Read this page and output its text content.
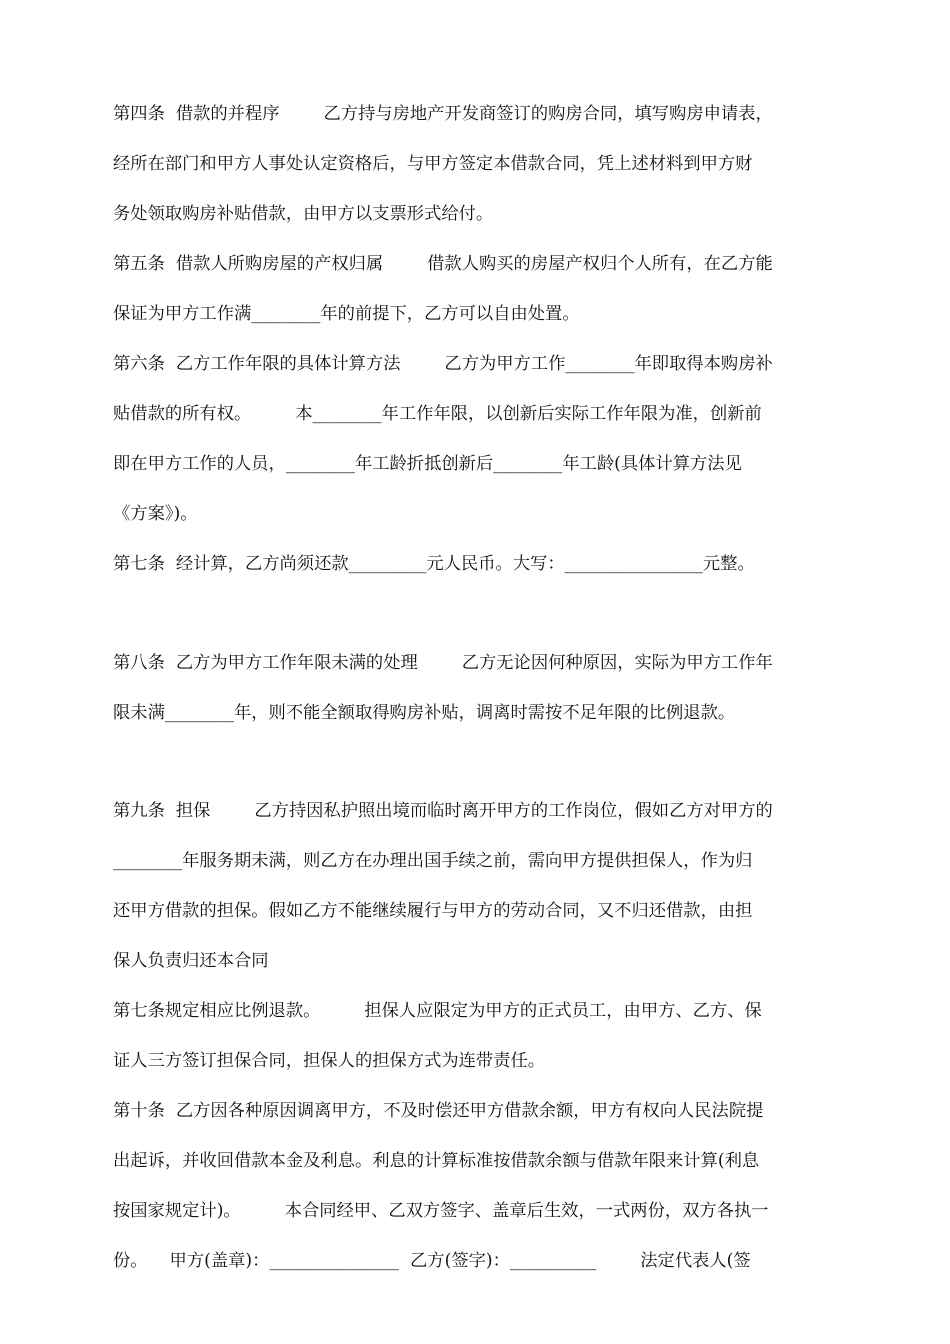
第四条  借款的并程序        乙方持与房地产开发商签订的购房合同，填写购房申请表，
经所在部门和甲方人事处认定资格后，与甲方签定本借款合同，凭上述材料到甲方财
务处领取购房补贴借款，由甲方以支票形式给付。
第五条  借款人所购房屋的产权归属        借款人购买的房屋产权归个人所有，在乙方能
保证为甲方工作满________年的前提下，乙方可以自由处置。
第六条  乙方工作年限的具体计算方法        乙方为甲方工作________年即取得本购房补
贴借款的所有权。        本________年工作年限，以创新后实际工作年限为准，创新前
即在甲方工作的人员，________年工龄折抵创新后________年工龄(具体计算方法见
《方案》)。
第七条  经计算，乙方尚须还款_________元人民币。大写：________________元整。
第八条  乙方为甲方工作年限未满的处理        乙方无论因何种原因，实际为甲方工作年
限未满________年，则不能全额取得购房补贴，调离时需按不足年限的比例退款。
第九条  担保        乙方持因私护照出境而临时离开甲方的工作岗位，假如乙方对甲方的
________年服务期未满，则乙方在办理出国手续之前，需向甲方提供担保人，作为归
还甲方借款的担保。假如乙方不能继续履行与甲方的劳动合同，又不归还借款，由担
保人负责归还本合同
第七条规定相应比例退款。        担保人应限定为甲方的正式员工，由甲方、乙方、保
证人三方签订担保合同，担保人的担保方式为连带责任。
第十条  乙方因各种原因调离甲方，不及时偿还甲方借款余额，甲方有权向人民法院提
出起诉，并收回借款本金及利息。利息的计算标准按借款余额与借款年限来计算(利息
按国家规定计)。        本合同经甲、乙双方签字、盖章后生效，一式两份，双方各执一
份。    甲方(盖章)：_______________  乙方(签字)：__________        法定代表人(签
